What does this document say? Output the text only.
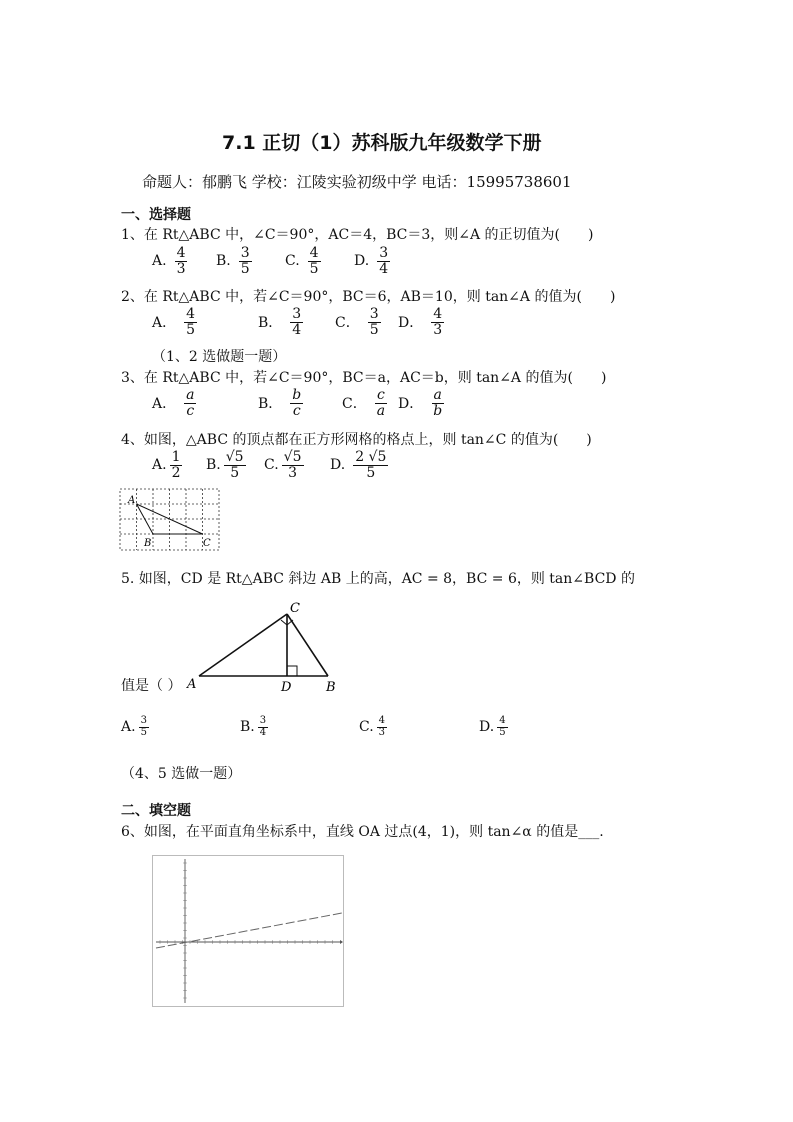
7.1 正切（1）苏科版九年级数学下册
命题人：郁鹏飞 学校：江陵实验初级中学 电话：15995738601
一、选择题
1、在 Rt△ABC 中，∠C＝90°，AC＝4，BC＝3，则∠A 的正切值为(　　)
A. $\frac{4}{3} B$. $\frac{3}{5} C$. $\frac{4}{5} D$. $\frac{3}{4}$
2、在 Rt△ABC 中，若∠C＝90°，BC＝6，AB＝10，则 tan∠A 的值为(　　)
A． $\frac{4}{5}$	B． $\frac{3}{4}$ C． $\frac{3}{5}$ D． $\frac{4}{3}$
（1、2 选做题一题）
3、在 Rt△ABC 中，若∠C＝90°，BC＝a，AC＝b，则 tan∠A 的值为(　　)
A． $\frac{a}{c}$	B． $\frac{b}{c}$	C． $\frac{c}{a}$ D． $\frac{a}{b}$
4、如图，△ABC 的顶点都在正方形网格的格点上，则 tan∠C 的值为(　　)
A. $\frac{1}{2} B$. $\frac{√5}{5} C$. $\frac{√5}{3} D$. $\frac{2 √5}{5}$
A
B	C
5. 如图，CD 是 Rt△ABC 斜边 AB 上的高，AC = 8，BC = 6，则 tan∠BCD 的
值是（ ） A	D	B
C
A. $\frac{3}{5}$	B. $\frac{3}{4}$	C. $\frac{4}{3}$	D. $\frac{4}{5}$
（4、5 选做一题）
二、填空题
6、如图，在平面直角坐标系中，直线 OA 过点(4，1)，则 tan∠α 的值是___.
